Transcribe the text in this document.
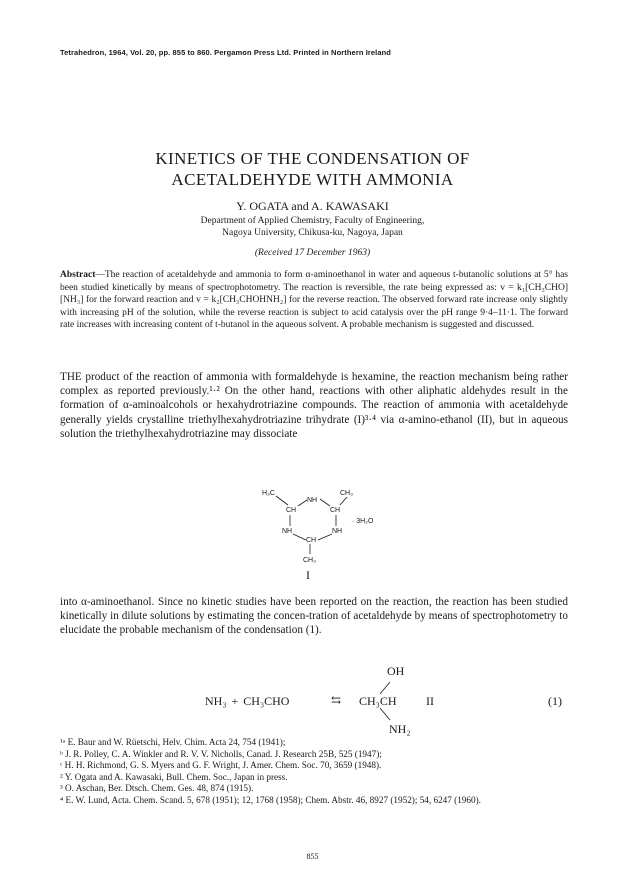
Tetrahedron, 1964, Vol. 20, pp. 855 to 860. Pergamon Press Ltd. Printed in Northern Ireland
KINETICS OF THE CONDENSATION OF
ACETALDEHYDE WITH AMMONIA
Y. OGATA and A. KAWASAKI
Department of Applied Chemistry, Faculty of Engineering,
Nagoya University, Chikusa-ku, Nagoya, Japan
(Received 17 December 1963)
Abstract—The reaction of acetaldehyde and ammonia to form α-aminoethanol in water and aqueous t-butanolic solutions at 5° has been studied kinetically by means of spectrophotometry. The reaction is reversible, the rate being expressed as: v = k₁[CH₃CHO][NH₃] for the forward reaction and v = k₂[CH₃CHOHNH₂] for the reverse reaction. The observed forward rate increase only slightly with increasing pH of the solution, while the reverse reaction is subject to acid catalysis over the pH range 9·4–11·1. The forward rate increases with increasing content of t-butanol in the aqueous solvent. A probable mechanism is suggested and discussed.
THE product of the reaction of ammonia with formaldehyde is hexamine, the reaction mechanism being rather complex as reported previously.¹·² On the other hand, reactions with other aliphatic aldehydes result in the formation of α-aminoalcohols or hexahydrotriazine compounds. The reaction of ammonia with acetaldehyde generally yields crystalline triethylhexahydrotriazine trihydrate (I)³·⁴ via α-amino-ethanol (II), but in aqueous solution the triethylhexahydrotriazine may dissociate
H₃C	CH₃
NH
CH	CH
NH	NH
CH
CH₃
· 3H₂O
I
into α-aminoethanol. Since no kinetic studies have been reported on the reaction, the reaction has been studied kinetically in dilute solutions by estimating the concen-tration of acetaldehyde by means of spectrophotometry to elucidate the probable mechanism of the condensation (1).
OH
NH₃ + CH₃CHO	⇆ CH₃CH II	(1)
NH₂
¹ᵃ E. Baur and W. Rüetschi, Helv. Chim. Acta 24, 754 (1941);
ᵇ J. R. Polley, C. A. Winkler and R. V. V. Nicholls, Canad. J. Research 25B, 525 (1947);
ᶜ H. H. Richmond, G. S. Myers and G. F. Wright, J. Amer. Chem. Soc. 70, 3659 (1948).
² Y. Ogata and A. Kawasaki, Bull. Chem. Soc., Japan in press.
³ O. Aschan, Ber. Dtsch. Chem. Ges. 48, 874 (1915).
⁴ E. W. Lund, Acta. Chem. Scand. 5, 678 (1951); 12, 1768 (1958); Chem. Abstr. 46, 8927 (1952); 54, 6247 (1960).
855
